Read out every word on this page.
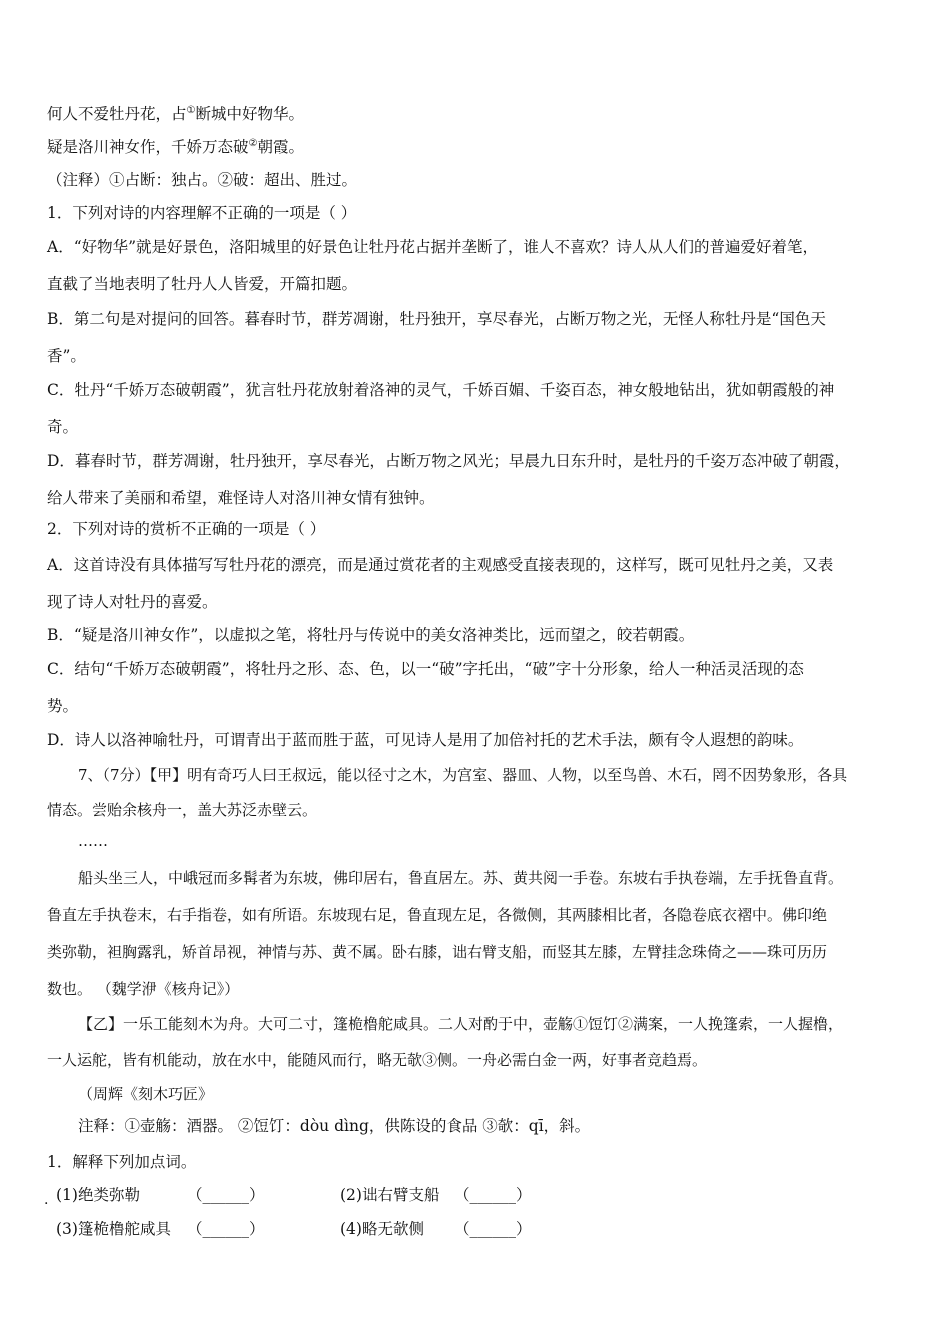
何人不爱牡丹花，占①断城中好物华。
疑是洛川神女作，千娇万态破②朝霞。
（注释）①占断：独占。②破：超出、胜过。
1．下列对诗的内容理解不正确的一项是（ ）
A．“好物华”就是好景色，洛阳城里的好景色让牡丹花占据并垄断了，谁人不喜欢？诗人从人们的普遍爱好着笔，
直截了当地表明了牡丹人人皆爱，开篇扣题。
B．第二句是对提问的回答。暮春时节，群芳凋谢，牡丹独开，享尽春光，占断万物之光，无怪人称牡丹是“国色天
香”。
C．牡丹“千娇万态破朝霞”，犹言牡丹花放射着洛神的灵气，千娇百媚、千姿百态，神女般地钻出，犹如朝霞般的神
奇。
D．暮春时节，群芳凋谢，牡丹独开，享尽春光，占断万物之风光；早晨九日东升时，是牡丹的千姿万态冲破了朝霞，
给人带来了美丽和希望，难怪诗人对洛川神女情有独钟。
2．下列对诗的赏析不正确的一项是（ ）
A．这首诗没有具体描写写牡丹花的漂亮，而是通过赏花者的主观感受直接表现的，这样写，既可见牡丹之美，又表
现了诗人对牡丹的喜爱。
B．“疑是洛川神女作”，以虚拟之笔，将牡丹与传说中的美女洛神类比，远而望之，皎若朝霞。
C．结句“千娇万态破朝霞”，将牡丹之形、态、色，以一“破”字托出，“破”字十分形象，给人一种活灵活现的态
势。
D．诗人以洛神喻牡丹，可谓青出于蓝而胜于蓝，可见诗人是用了加倍衬托的艺术手法，颇有令人遐想的韵味。
7、（7分）【甲】明有奇巧人曰王叔远，能以径寸之木，为宫室、器皿、人物，以至鸟兽、木石，罔不因势象形，各具
情态。尝贻余核舟一，盖大苏泛赤壁云。
……
船头坐三人，中峨冠而多髯者为东坡，佛印居右，鲁直居左。苏、黄共阅一手卷。东坡右手执卷端，左手抚鲁直背。
鲁直左手执卷末，右手指卷，如有所语。东坡现右足，鲁直现左足，各微侧，其两膝相比者，各隐卷底衣褶中。佛印绝
类弥勒，袒胸露乳，矫首昂视，神情与苏、黄不属。卧右膝，诎右臂支船，而竖其左膝，左臂挂念珠倚之——珠可历历
数也。 （魏学洢《核舟记》）
【乙】一乐工能刻木为舟。大可二寸，篷桅橹舵咸具。二人对酌于中，壶觞①饾饤②满案，一人挽篷索，一人握橹，
一人运舵，皆有机能动，放在水中，能随风而行，略无欹③侧。一舟必需白金一两，好事者竞趋焉。
（周辉《刻木巧匠》
注释：①壶觞：酒器。 ②饾饤：dòu dìng，供陈设的食品 ③欹：qī，斜。
1．解释下列加点词。
. (1)绝类弥勒	（______）	(2)诎右臂支船 （______）
(3)篷桅橹舵咸具 （______）	(4)略无欹侧 （______）
